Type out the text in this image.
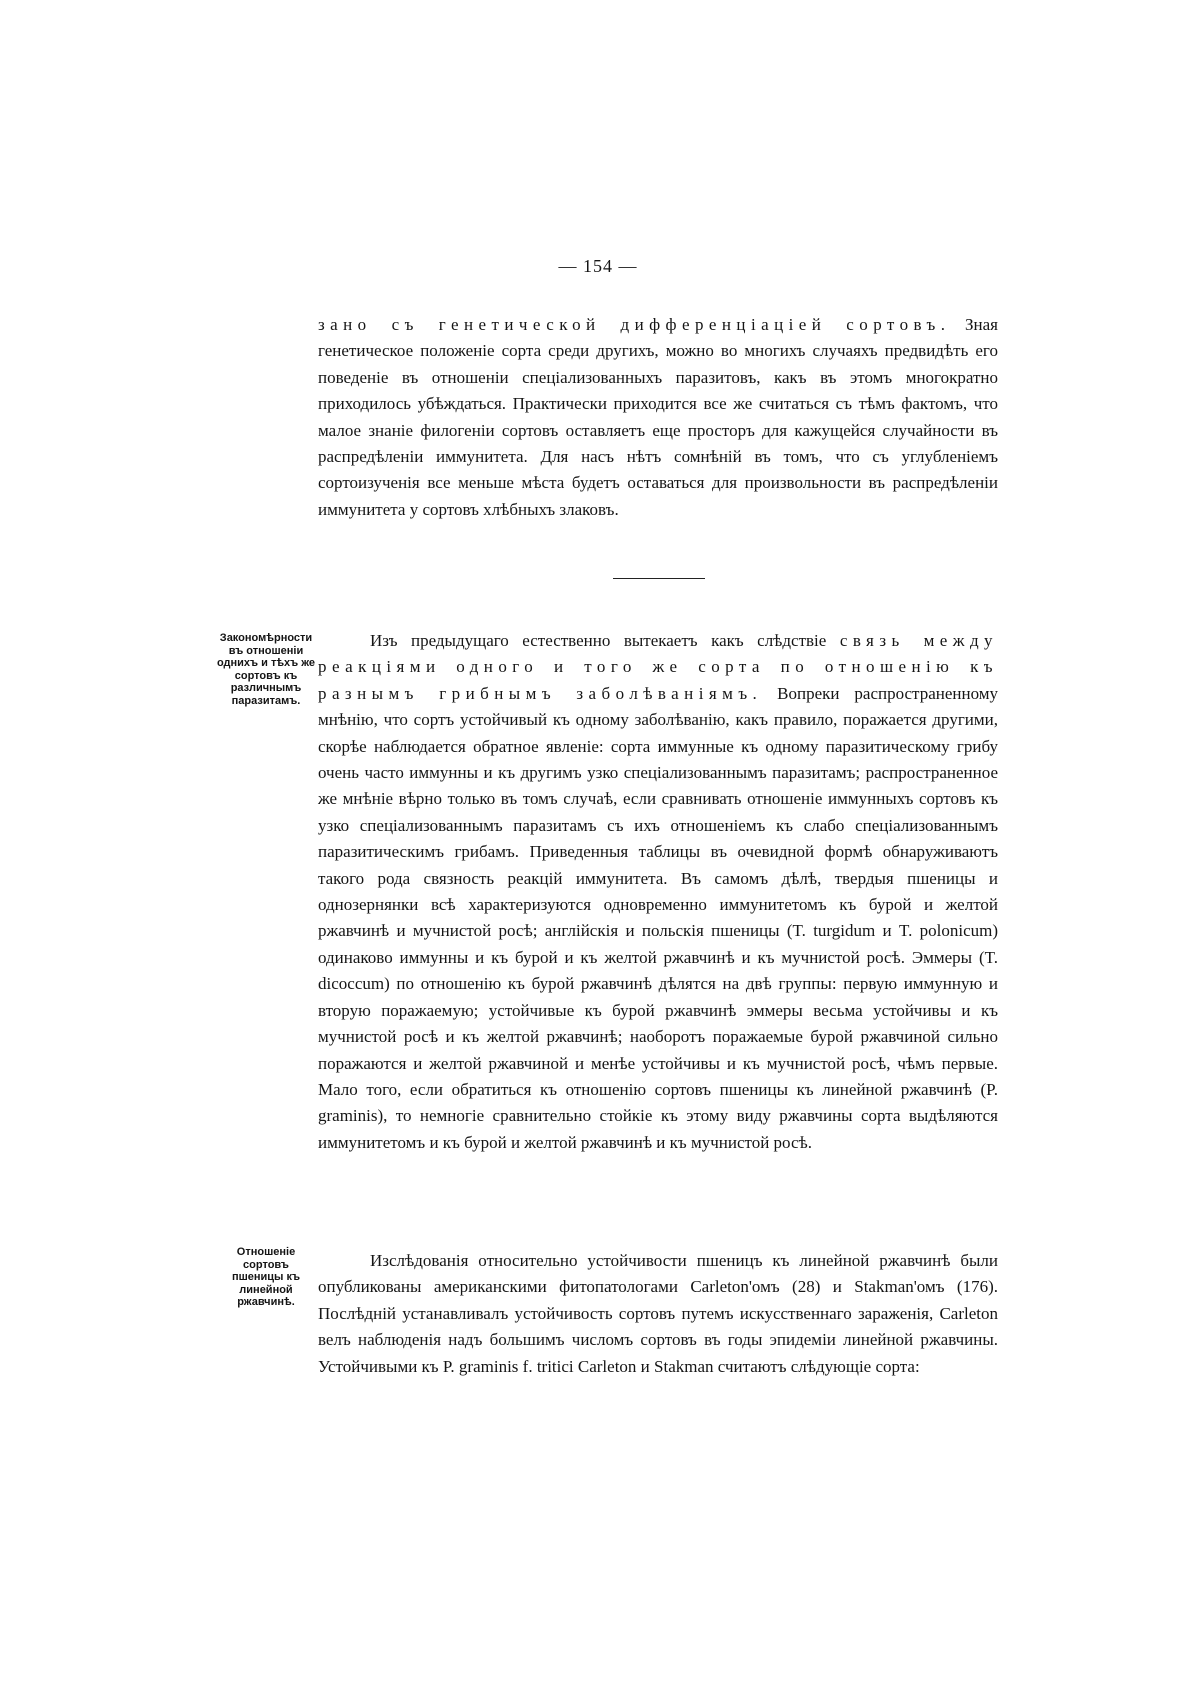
— 154 —

зано съ генетической дифференціаціей сортовъ. Зная генетическое положеніе сорта среди другихъ, можно во многихъ случаяхъ предвидѣть его поведеніе въ отношеніи спеціализованныхъ паразитовъ, какъ въ этомъ многократно приходилось убѣждаться. Практически приходится все же считаться съ тѣмъ фактомъ, что малое знаніе филогеніи сортовъ оставляетъ еще просторъ для кажущейся случайности въ распредѣленіи иммунитета. Для насъ нѣтъ сомнѣній въ томъ, что съ углубленіемъ сортоизученія все меньше мѣста будетъ оставаться для произвольности въ распредѣленіи иммунитета у сортовъ хлѣбныхъ злаковъ.

Закономѣрности въ отношеніи однихъ и тѣхъ же сортовъ къ различнымъ паразитамъ.

Изъ предыдущаго естественно вытекаетъ какъ слѣдствіе связь между реакціями одного и того же сорта по отношенію къ разнымъ грибнымъ заболѣваніямъ. Вопреки распространенному мнѣнію, что сортъ устойчивый къ одному заболѣванію, какъ правило, поражается другими, скорѣе наблюдается обратное явленіе: сорта иммунные къ одному паразитическому грибу очень часто иммунны и къ другимъ узко спеціализованнымъ паразитамъ; распространенное же мнѣніе вѣрно только въ томъ случаѣ, если сравнивать отношеніе иммунныхъ сортовъ къ узко спеціализованнымъ паразитамъ съ ихъ отношеніемъ къ слабо спеціализованнымъ паразитическимъ грибамъ. Приведенныя таблицы въ очевидной формѣ обнаруживаютъ такого рода связность реакцій иммунитета. Въ самомъ дѣлѣ, твердыя пшеницы и однозернянки всѣ характеризуются одновременно иммунитетомъ къ бурой и желтой ржавчинѣ и мучнистой росѣ; англійскія и польскія пшеницы (T. turgidum и T. polonicum) одинаково иммунны и къ бурой и къ желтой ржавчинѣ и къ мучнистой росѣ. Эммеры (T. dicoccum) по отношенію къ бурой ржавчинѣ дѣлятся на двѣ группы: первую иммунную и вторую поражаемую; устойчивые къ бурой ржавчинѣ эммеры весьма устойчивы и къ мучнистой росѣ и къ желтой ржавчинѣ; наоборотъ поражаемые бурой ржавчиной сильно поражаются и желтой ржавчиной и менѣе устойчивы и къ мучнистой росѣ, чѣмъ первые. Мало того, если обратиться къ отношенію сортовъ пшеницы къ линейной ржавчинѣ (P. graminis), то немногіе сравнительно стойкіе къ этому виду ржавчины сорта выдѣляются иммунитетомъ и къ бурой и желтой ржавчинѣ и къ мучнистой росѣ.

Отношеніе сортовъ пшеницы къ линейной ржавчинѣ.

Изслѣдованія относительно устойчивости пшеницъ къ линейной ржавчинѣ были опубликованы американскими фитопатологами Carleton'омъ (28) и Stakman'омъ (176). Послѣдній устанавливалъ устойчивость сортовъ путемъ искусственнаго зараженія, Carleton велъ наблюденія надъ большимъ числомъ сортовъ въ годы эпидеміи линейной ржавчины. Устойчивыми къ P. graminis f. tritici Carleton и Stakman считаютъ слѣдующіе сорта:
